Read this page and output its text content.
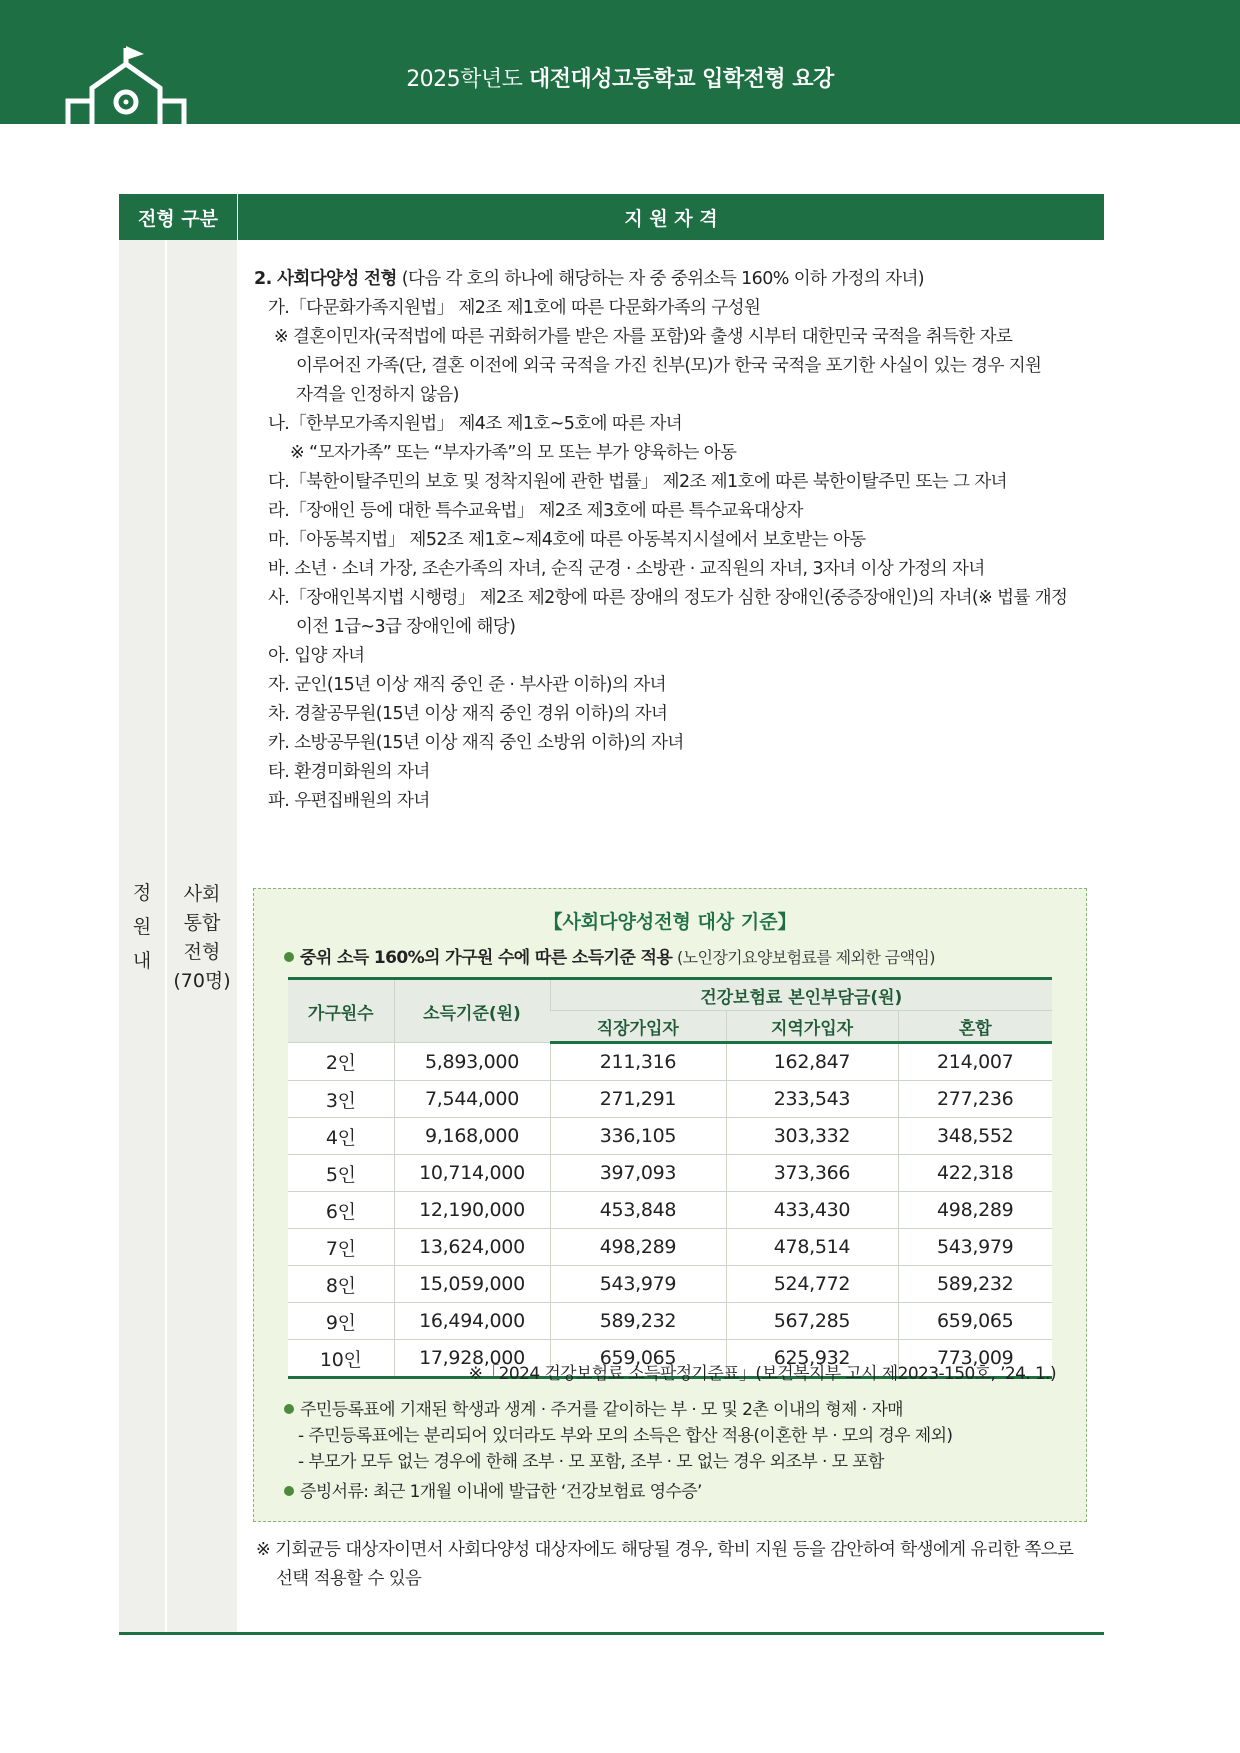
2025학년도 대전대성고등학교 입학전형 요강
전형 구분	지 원 자 격
정
원
내
사회
통합
전형
(70명)
2. 사회다양성 전형 (다음 각 호의 하나에 해당하는 자 중 중위소득 160% 이하 가정의 자녀)
가.「다문화가족지원법」 제2조 제1호에 따른 다문화가족의 구성원
※ 결혼이민자(국적법에 따른 귀화허가를 받은 자를 포함)와 출생 시부터 대한민국 국적을 취득한 자로
이루어진 가족(단, 결혼 이전에 외국 국적을 가진 친부(모)가 한국 국적을 포기한 사실이 있는 경우 지원
자격을 인정하지 않음)
나.「한부모가족지원법」 제4조 제1호~5호에 따른 자녀
※ “모자가족” 또는 “부자가족”의 모 또는 부가 양육하는 아동
다.「북한이탈주민의 보호 및 정착지원에 관한 법률」 제2조 제1호에 따른 북한이탈주민 또는 그 자녀
라.「장애인 등에 대한 특수교육법」 제2조 제3호에 따른 특수교육대상자
마.「아동복지법」 제52조 제1호~제4호에 따른 아동복지시설에서 보호받는 아동
바. 소년 · 소녀 가장, 조손가족의 자녀, 순직 군경 · 소방관 · 교직원의 자녀, 3자녀 이상 가정의 자녀
사.「장애인복지법 시행령」 제2조 제2항에 따른 장애의 정도가 심한 장애인(중증장애인)의 자녀(※ 법률 개정
이전 1급~3급 장애인에 해당)
아. 입양 자녀
자. 군인(15년 이상 재직 중인 준 · 부사관 이하)의 자녀
차. 경찰공무원(15년 이상 재직 중인 경위 이하)의 자녀
카. 소방공무원(15년 이상 재직 중인 소방위 이하)의 자녀
타. 환경미화원의 자녀
파. 우편집배원의 자녀
【사회다양성전형 대상 기준】
중위 소득 160%의 가구원 수에 따른 소득기준 적용 (노인장기요양보험료를 제외한 금액임)
가구원수	소득기준(원)	건강보험료 본인부담금(원)		
		직장가입자	지역가입자	혼합
2인	5,893,000	211,316	162,847	214,007
3인	7,544,000	271,291	233,543	277,236
4인	9,168,000	336,105	303,332	348,552
5인	10,714,000	397,093	373,366	422,318
6인	12,190,000	453,848	433,430	498,289
7인	13,624,000	498,289	478,514	543,979
8인	15,059,000	543,979	524,772	589,232
9인	16,494,000	589,232	567,285	659,065
10인	17,928,000	659,065	625,932	773,009
※「2024 건강보험료 소득판정기준표」(보건복지부 고시 제2023-150호, ’24. 1.)
주민등록표에 기재된 학생과 생계 · 주거를 같이하는 부 · 모 및 2촌 이내의 형제 · 자매
- 주민등록표에는 분리되어 있더라도 부와 모의 소득은 합산 적용(이혼한 부 · 모의 경우 제외)
- 부모가 모두 없는 경우에 한해 조부 · 모 포함, 조부 · 모 없는 경우 외조부 · 모 포함
증빙서류: 최근 1개월 이내에 발급한 ‘건강보험료 영수증’
※ 기회균등 대상자이면서 사회다양성 대상자에도 해당될 경우, 학비 지원 등을 감안하여 학생에게 유리한 쪽으로
선택 적용할 수 있음
